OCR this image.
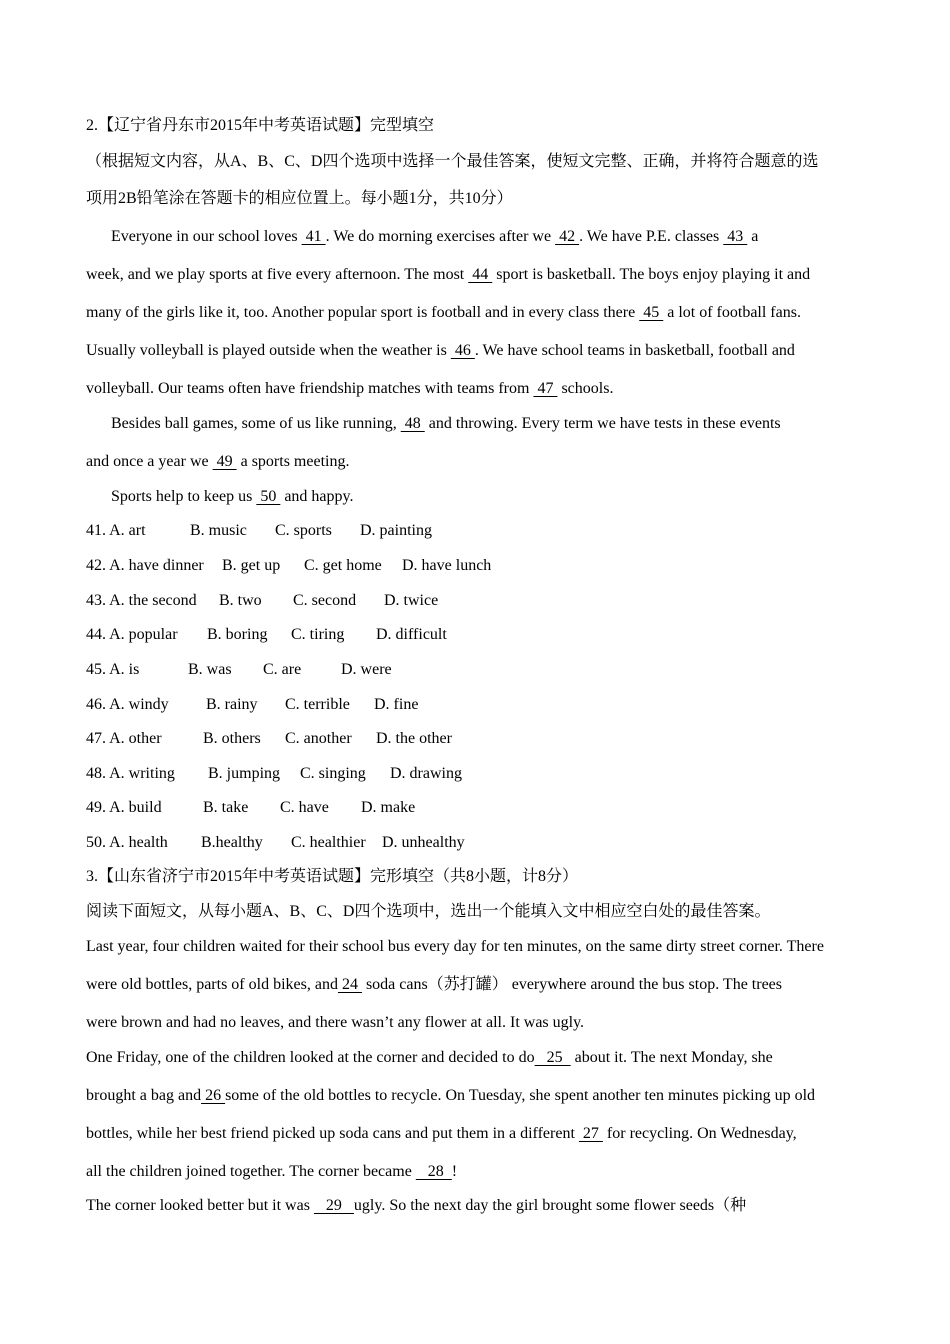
2.【辽宁省丹东市2015年中考英语试题】完型填空
（根据短文内容，从A、B、C、D四个选项中选择一个最佳答案，使短文完整、正确，并将符合题意的选
项用2B铅笔涂在答题卡的相应位置上。每小题1分，共10分）
Everyone in our school loves  41 . We do morning exercises after we  42 . We have P.E. classes  43  a
week, and we play sports at five every afternoon. The most  44  sport is basketball. The boys enjoy playing it and
many of the girls like it, too. Another popular sport is football and in every class there  45  a lot of football fans.
Usually volleyball is played outside when the weather is  46 . We have school teams in basketball, football and
volleyball. Our teams often have friendship matches with teams from  47  schools.
Besides ball games, some of us like running,  48  and throwing. Every term we have tests in these events
and once a year we  49  a sports meeting.
Sports help to keep us  50  and happy.
41. A. art	B. music C. sports D. painting
42. A. have dinner B. get up C. get home D. have lunch
43. A. the second B. two C. second D. twice
44. A. popular B. boring C. tiring D. difficult
45. A. is	B. was C. are D. were
46. A. windy B. rainy C. terrible D. fine
47. A. other	B. others C. another D. the other
48. A. writing B. jumping C. singing D. drawing
49. A. build	B. take C. have D. make
50. A. health B.healthy C. healthier D. unhealthy
3.【山东省济宁市2015年中考英语试题】完形填空（共8小题，计8分）
阅读下面短文，从每小题A、B、C、D四个选项中，选出一个能填入文中相应空白处的最佳答案。
Last year, four children waited for their school bus every day for ten minutes, on the same dirty street corner. There
were old bottles, parts of old bikes, and 24  soda cans（苏打罐） everywhere around the bus stop. The trees
were brown and had no leaves, and there wasn’t any flower at all. It was ugly.
One Friday, one of the children looked at the corner and decided to do   25   about it. The next Monday, she
brought a bag and 26 some of the old bottles to recycle. On Tuesday, she spent another ten minutes picking up old
bottles, while her best friend picked up soda cans and put them in a different  27  for recycling. On Wednesday,
all the children joined together. The corner became    28  !
The corner looked better but it was    29   ugly. So the next day the girl brought some flower seeds（种
